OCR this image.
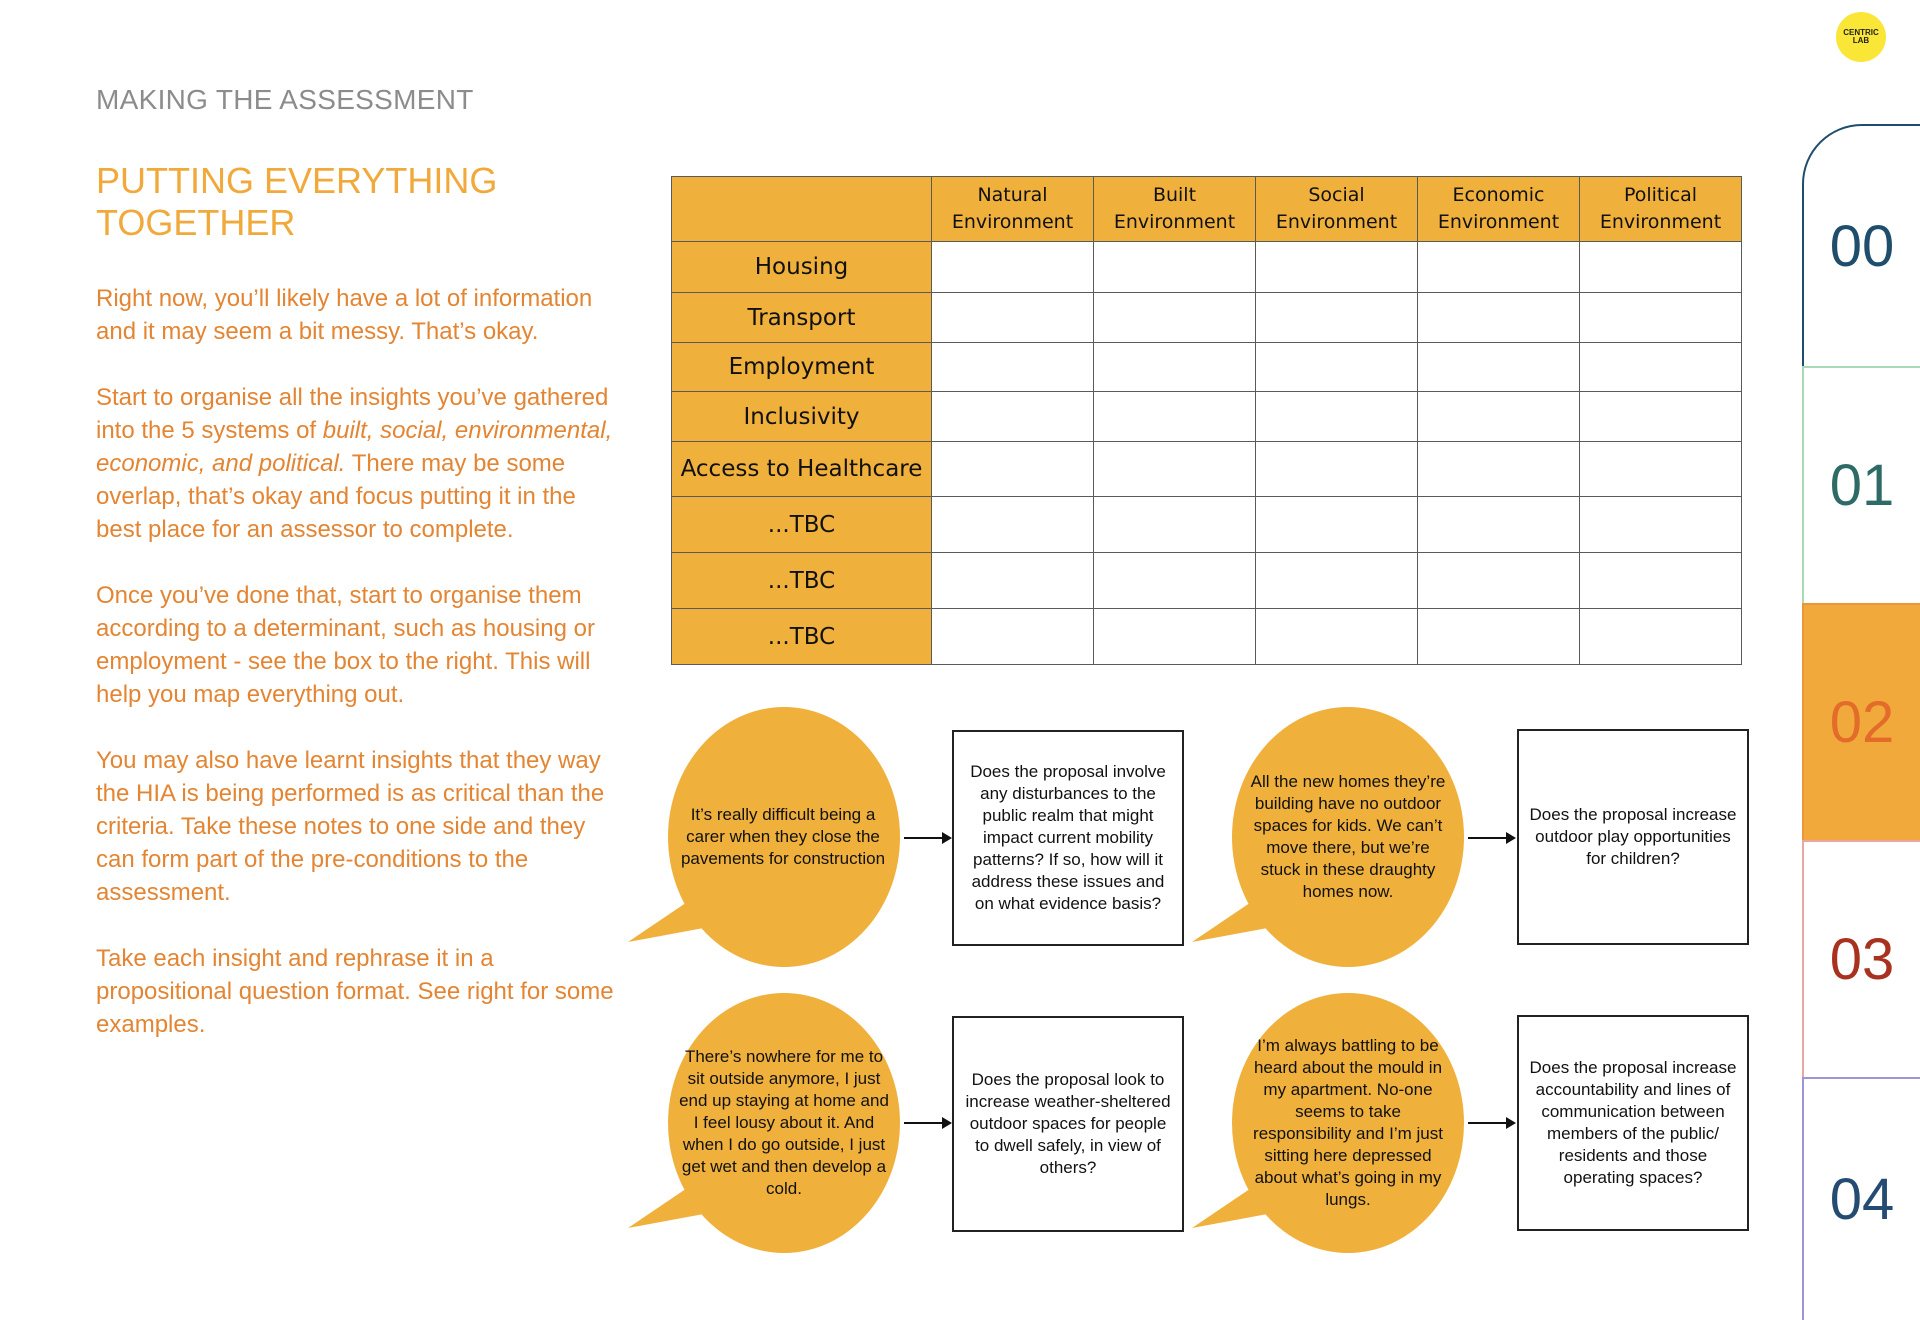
CENTRIC
LAB
MAKING THE ASSESSMENT
PUTTING EVERYTHING TOGETHER

Right now, you’ll likely have a lot of information and it may seem a bit messy. That’s okay.

Start to organise all the insights you’ve gathered into the 5 systems of built, social, environmental, economic, and political. There may be some overlap, that’s okay and focus putting it in the best place for an assessor to complete.

Once you’ve done that, start to organise them according to a determinant, such as housing or employment - see the box to the right. This will help you map everything out.

You may also have learnt insights that they way the HIA is being performed is as critical than the criteria. Take these notes to one side and they can form part of the pre-conditions to the assessment.

Take each insight and rephrase it in a propositional question format. See right for some examples.

	Natural Environment	Built Environment	Social Environment	Economic Environment	Political Environment
Housing					
Transport					
Employment					
Inclusivity					
Access to Healthcare					
...TBC					
...TBC					
...TBC					
It’s really difficult being a carer when they close the pavements for construction
Does the proposal involve any disturbances to the public realm that might impact current mobility patterns? If so, how will it address these issues and on what evidence basis?
All the new homes they’re building have no outdoor spaces for kids. We can’t move there, but we’re stuck in these draughty homes now.
Does the proposal increase outdoor play opportunities for children?
There’s nowhere for me to sit outside anymore, I just end up staying at home and I feel lousy about it. And when I do go outside, I just get wet and then develop a cold.
Does the proposal look to increase weather-sheltered outdoor spaces for people to dwell safely, in view of others?
I’m always battling to be heard about the mould in my apartment. No-one seems to take responsibility and I’m just sitting here depressed about what’s going in my lungs.
Does the proposal increase accountability and lines of communication between members of the public/ residents and those operating spaces?
00
01
02
03
04
